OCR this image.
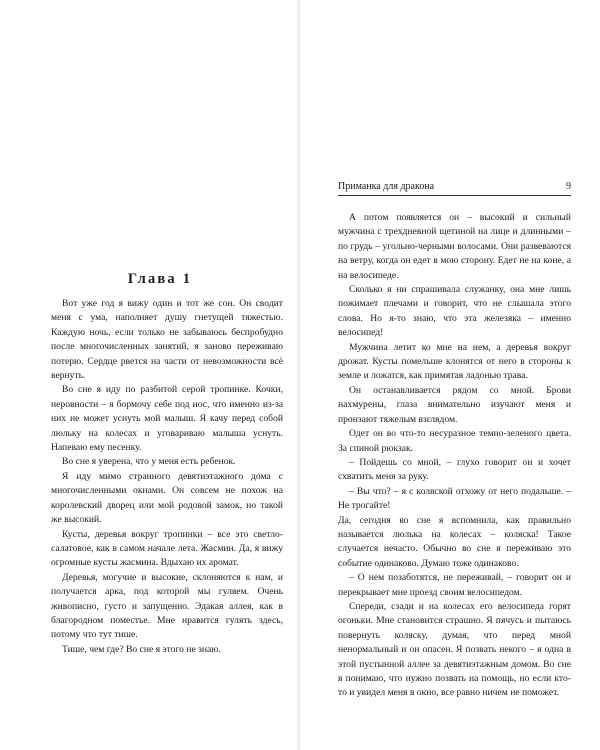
Глава 1

Вот уже год я вижу один и тот же сон. Он сводит меня с ума, наполняет душу гнетущей тяжестью. Каждую ночь, если только не забываюсь беспробудно после многочисленных занятий, я заново переживаю потерю. Сердце рвется на части от невозможности всё вернуть.

Во сне я иду по разбитой серой тропинке. Кочки, неровности – я бормочу себе под нос, что именно из-за них не может уснуть мой малыш. Я качу перед собой люльку на колесах и уговариваю малыша уснуть. Напеваю ему песенку.

Во сне я уверена, что у меня есть ребенок.

Я иду мимо странного девятиэтажного дома с многочисленными окнами. Он совсем не похож на королевский дворец или мой родовой замок, но такой же высокий.

Кусты, деревья вокруг тропинки – все это светло-салатовое, как в самом начале лета. Жасмин. Да, я вижу огромные кусты жасмина. Вдыхаю их аромат.

Деревья, могучие и высокие, склоняются к нам, и получается арка, под которой мы гуляем. Очень живописно, густо и запущенно. Эдакая аллея, как в благородном поместье. Мне нравится гулять здесь, потому что тут тише.

Тише, чем где? Во сне я этого не знаю.

Приманка для дракона	9

А потом появляется он – высокий и сильный мужчина с трехдневной щетиной на лице и длинными – по грудь – угольно-черными волосами. Они развеваются на ветру, когда он едет в мою сторону. Едет не на коне, а на велосипеде.

Сколько я ни спрашивала служанку, она мне лишь пожимает плечами и говорит, что не слышала этого слова. Но я-то знаю, что эта железяка – именно велосипед!

Мужчина летит ко мне на нем, а деревья вокруг дрожат. Кусты помельше клонятся от него в стороны к земле и ложатся, как примятая ладонью трава.

Он останавливается рядом со мной. Брови нахмурены, глаза внимательно изучают меня и пронзают тяжелым взглядом.

Одет он во что-то несуразное темно-зеленого цвета. За спиной рюкзак.

– Пойдешь со мной, – глухо говорит он и хочет схватить меня за руку.

– Вы что? – я с коляской отхожу от него подальше. – Не трогайте!

Да, сегодня во сне я вспомнила, как правильно называется люлька на колесах – коляска! Такое случается нечасто. Обычно во сне я переживаю это событие одинаково. Думаю тоже одинаково.

– О нем позаботятся, не переживай, – говорит он и перекрывает мне проезд своим велосипедом.

Спереди, сзади и на колесах его велосипеда горят огоньки. Мне становится страшно. Я пячусь и пытаюсь повернуть коляску, думая, что перед мной ненормальный и он опасен. Я позвать некого – я одна в этой пустынной аллее за девятиэтажным домом. Во сне я понимаю, что нужно позвать на помощь, но если кто-то и увидел меня в окно, все равно ничем не поможет.
